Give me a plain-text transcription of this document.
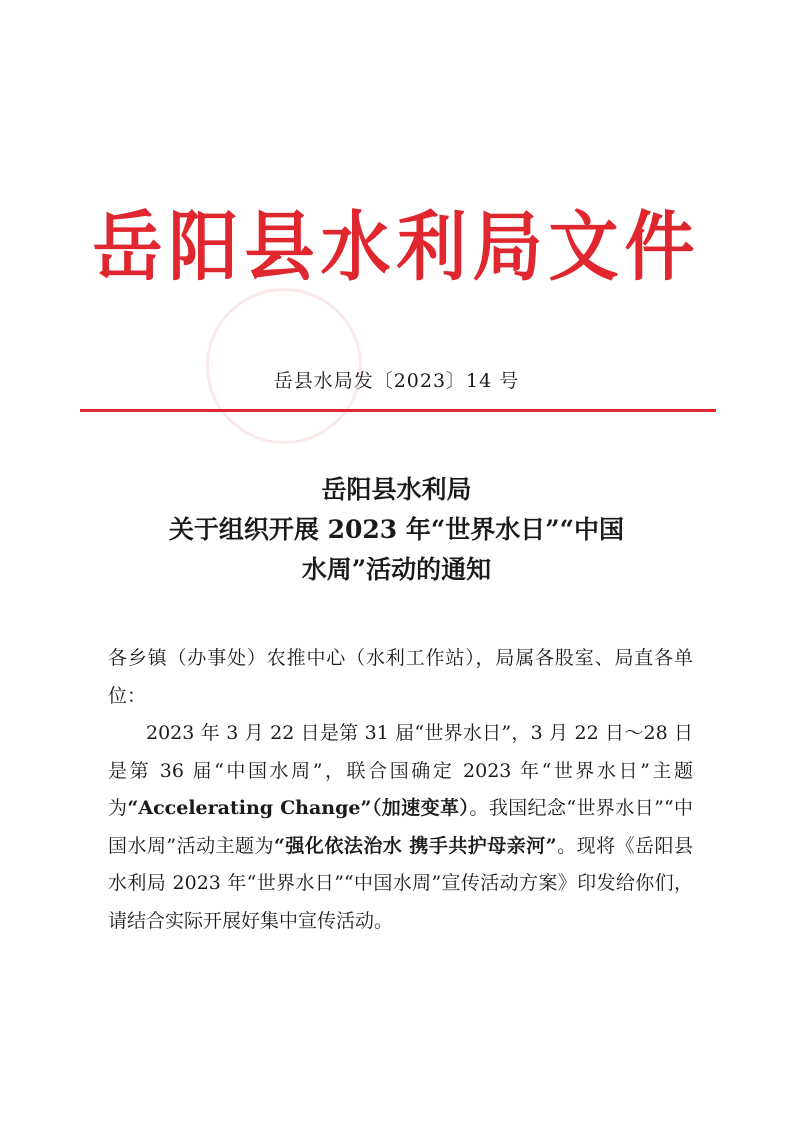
岳阳县水利局文件
岳县水局发〔2023〕14 号
岳阳县水利局
关于组织开展 2023 年“世界水日”“中国
水周”活动的通知

各乡镇（办事处）农推中心（水利工作站），局属各股室、局直各单位：

2023 年 3 月 22 日是第 31 届“世界水日”，3 月 22 日～28 日是第 36 届“中国水周”，联合国确定 2023 年“世界水日”主题为“Accelerating Change”（加速变革）。我国纪念“世界水日”“中国水周”活动主题为“强化依法治水 携手共护母亲河”。现将《岳阳县水利局 2023 年“世界水日”“中国水周”宣传活动方案》印发给你们，请结合实际开展好集中宣传活动。
